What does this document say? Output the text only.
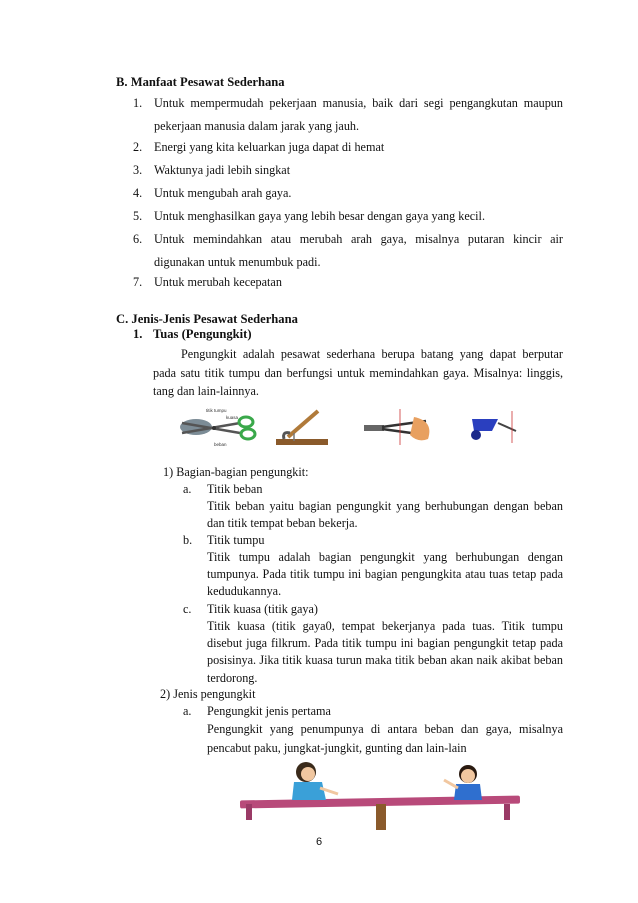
B. Manfaat Pesawat Sederhana
1. Untuk mempermudah pekerjaan manusia, baik dari segi pengangkutan maupun pekerjaan manusia dalam jarak yang jauh.
2. Energi yang kita keluarkan juga dapat di hemat
3. Waktunya jadi lebih singkat
4. Untuk mengubah arah gaya.
5. Untuk menghasilkan gaya yang lebih besar dengan gaya yang kecil.
6. Untuk memindahkan atau merubah arah gaya, misalnya putaran kincir air digunakan untuk menumbuk padi.
7. Untuk merubah kecepatan
C. Jenis-Jenis Pesawat Sederhana
1. Tuas (Pengungkit)
Pengungkit adalah pesawat sederhana berupa batang yang dapat berputar pada satu titik tumpu dan berfungsi untuk memindahkan gaya. Misalnya: linggis, tang dan lain-lainnya.
titik tumpu
kuasa
beban
1) Bagian-bagian pengungkit:
a. Titik beban
Titik beban yaitu bagian pengungkit yang berhubungan dengan beban dan titik tempat beban bekerja.
b. Titik tumpu
Titik tumpu adalah bagian pengungkit yang berhubungan dengan tumpunya. Pada titik tumpu ini bagian pengungkita atau tuas tetap pada kedudukannya.
c. Titik kuasa (titik gaya)
Titik kuasa (titik gaya0, tempat bekerjanya pada tuas. Titik tumpu disebut juga filkrum. Pada titik tumpu ini bagian pengungkit tetap pada posisinya. Jika titik kuasa turun maka titik beban akan naik akibat beban terdorong.
2) Jenis pengungkit
a. Pengungkit jenis pertama
Pengungkit yang penumpunya di antara beban dan gaya, misalnya pencabut paku, jungkat-jungkit, gunting dan lain-lain
6
